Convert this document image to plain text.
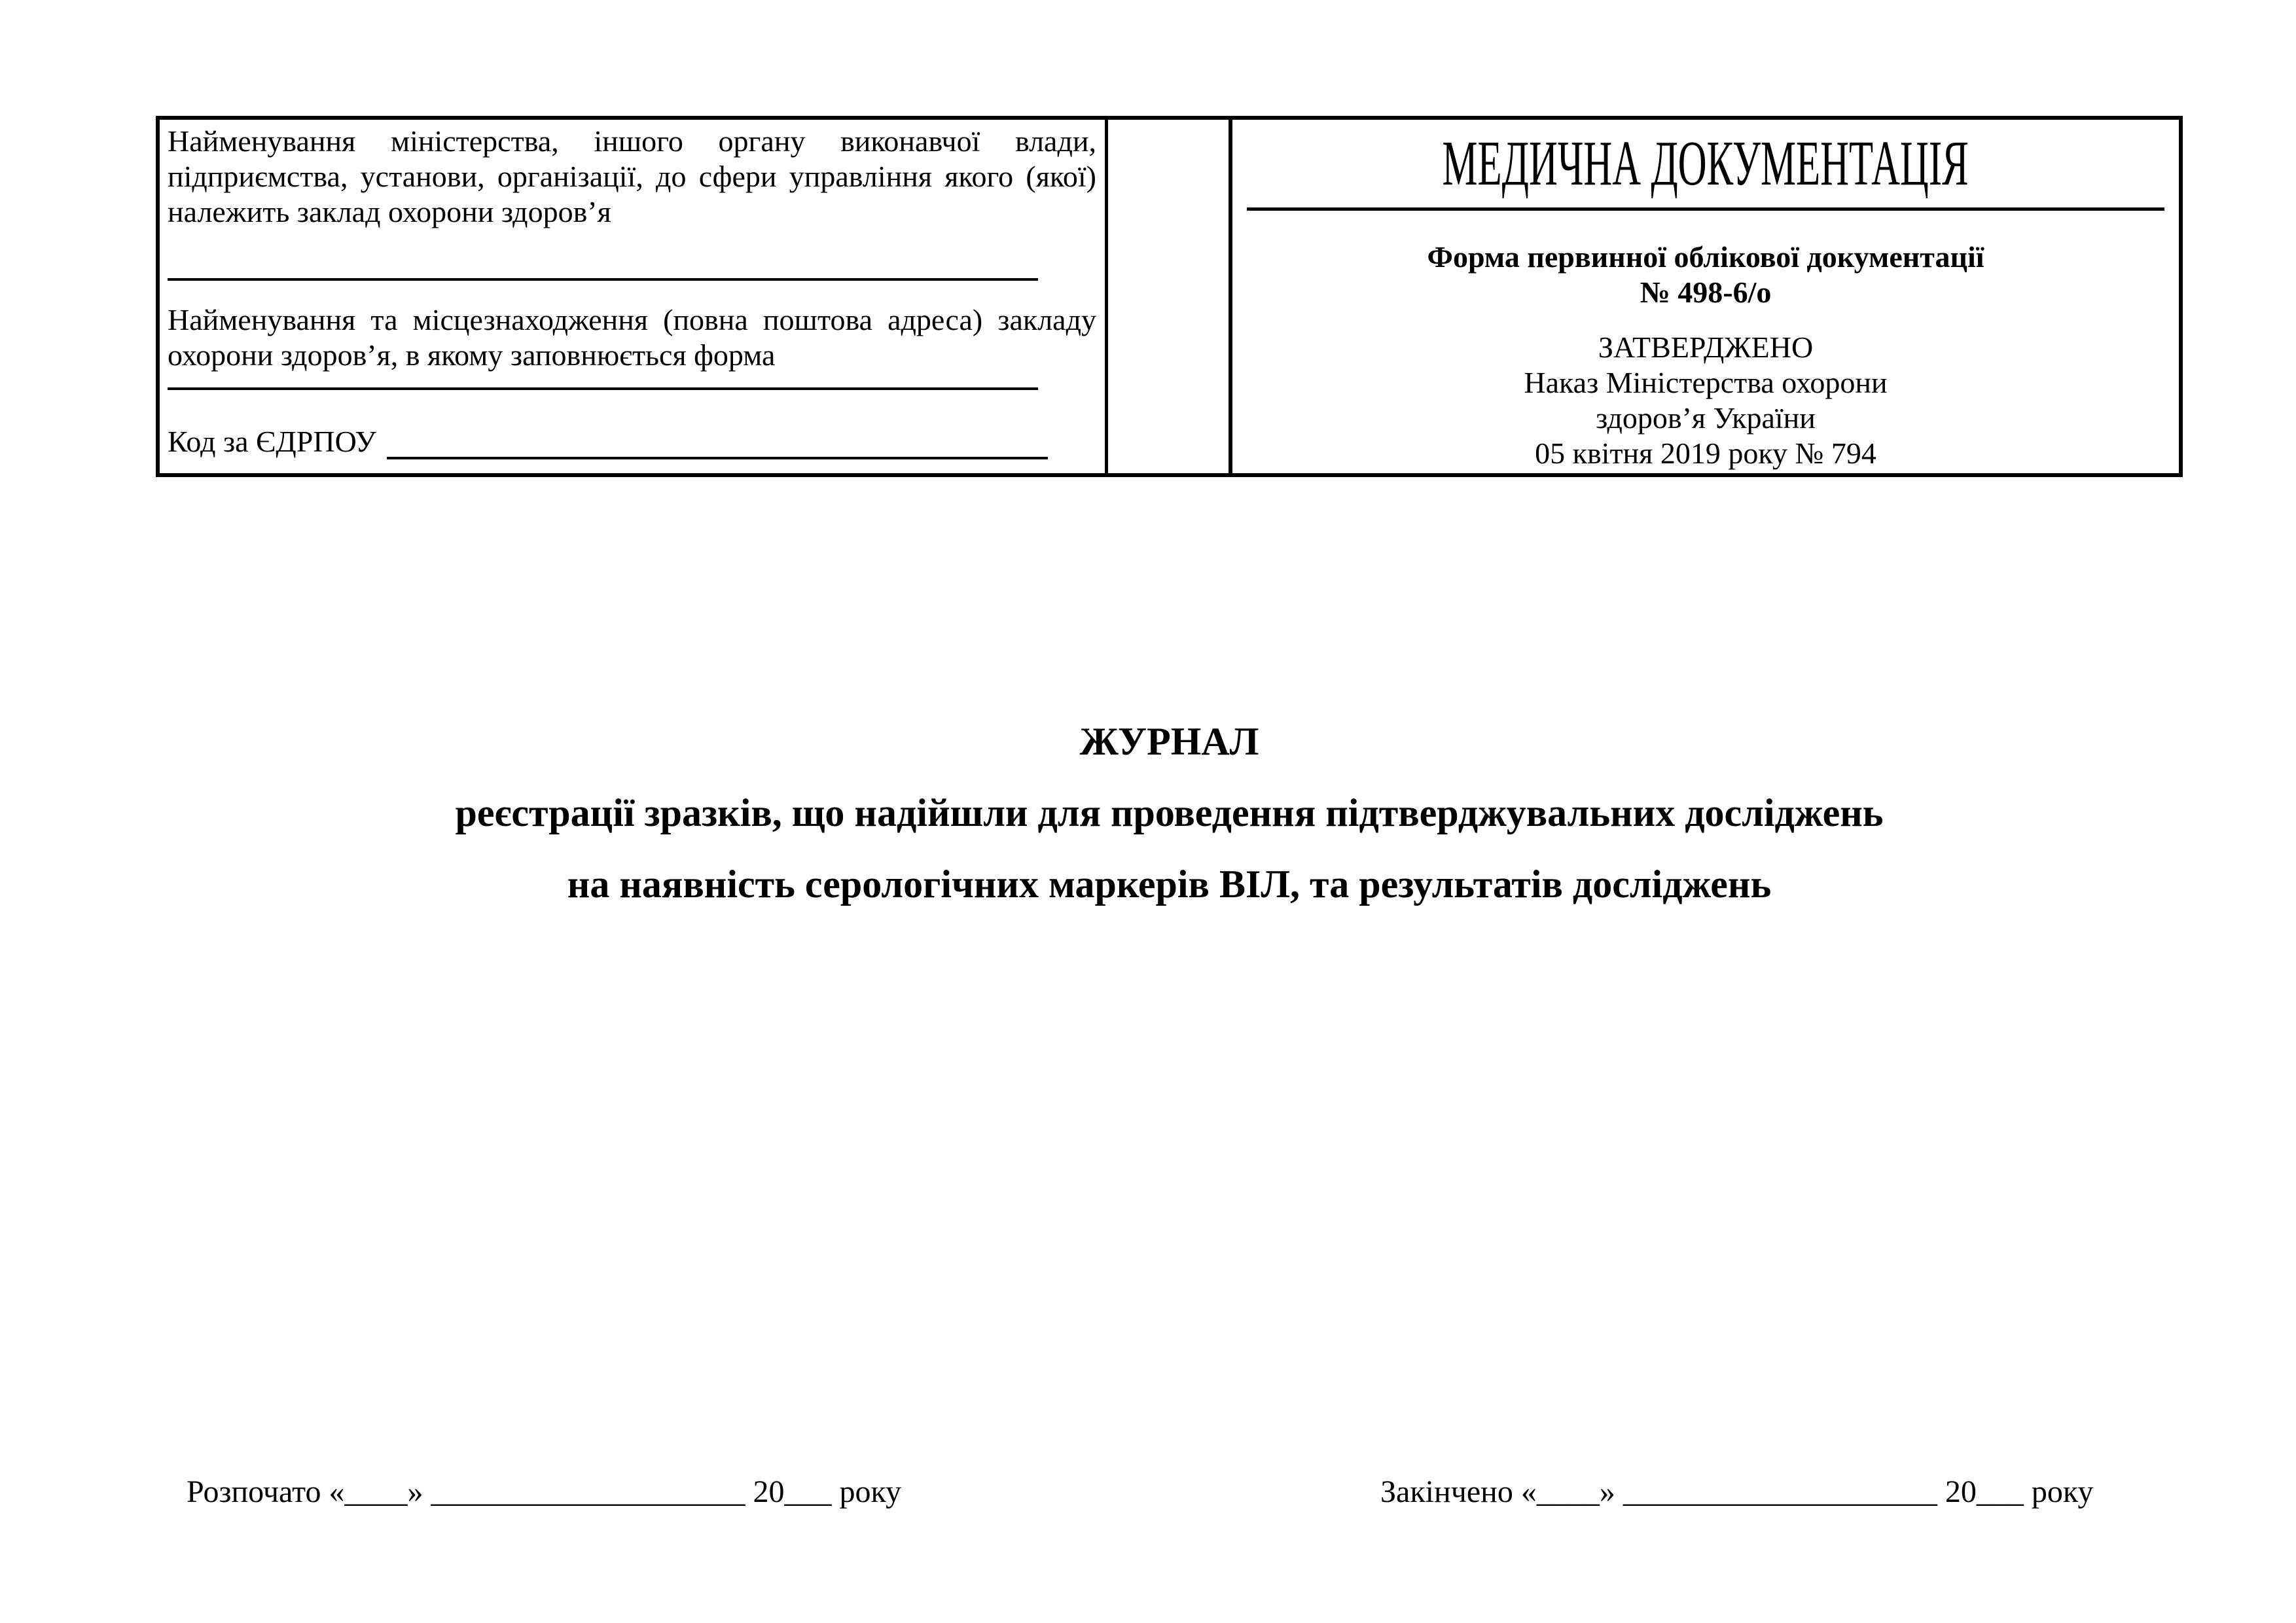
Найменування міністерства, іншого органу виконавчої влади,
підприємства, установи, організації, до сфери управління якого (якої)
належить заклад охорони здоров’я
Найменування та місцезнаходження (повна поштова адреса) закладу
охорони здоров’я, в якому заповнюється форма
Код за ЄДРПОУ
МЕДИЧНА ДОКУМЕНТАЦІЯ
Форма первинної облікової документації
№ 498-6/о
ЗАТВЕРДЖЕНО
Наказ Міністерства охорони
здоров’я України
05 квітня 2019 року № 794
ЖУРНАЛ
реєстрації зразків, що надійшли для проведення підтверджувальних досліджень
на наявність серологічних маркерів ВІЛ, та результатів досліджень
Розпочато «____» ____________________ 20___ року	Закінчено «____» ____________________ 20___ року
